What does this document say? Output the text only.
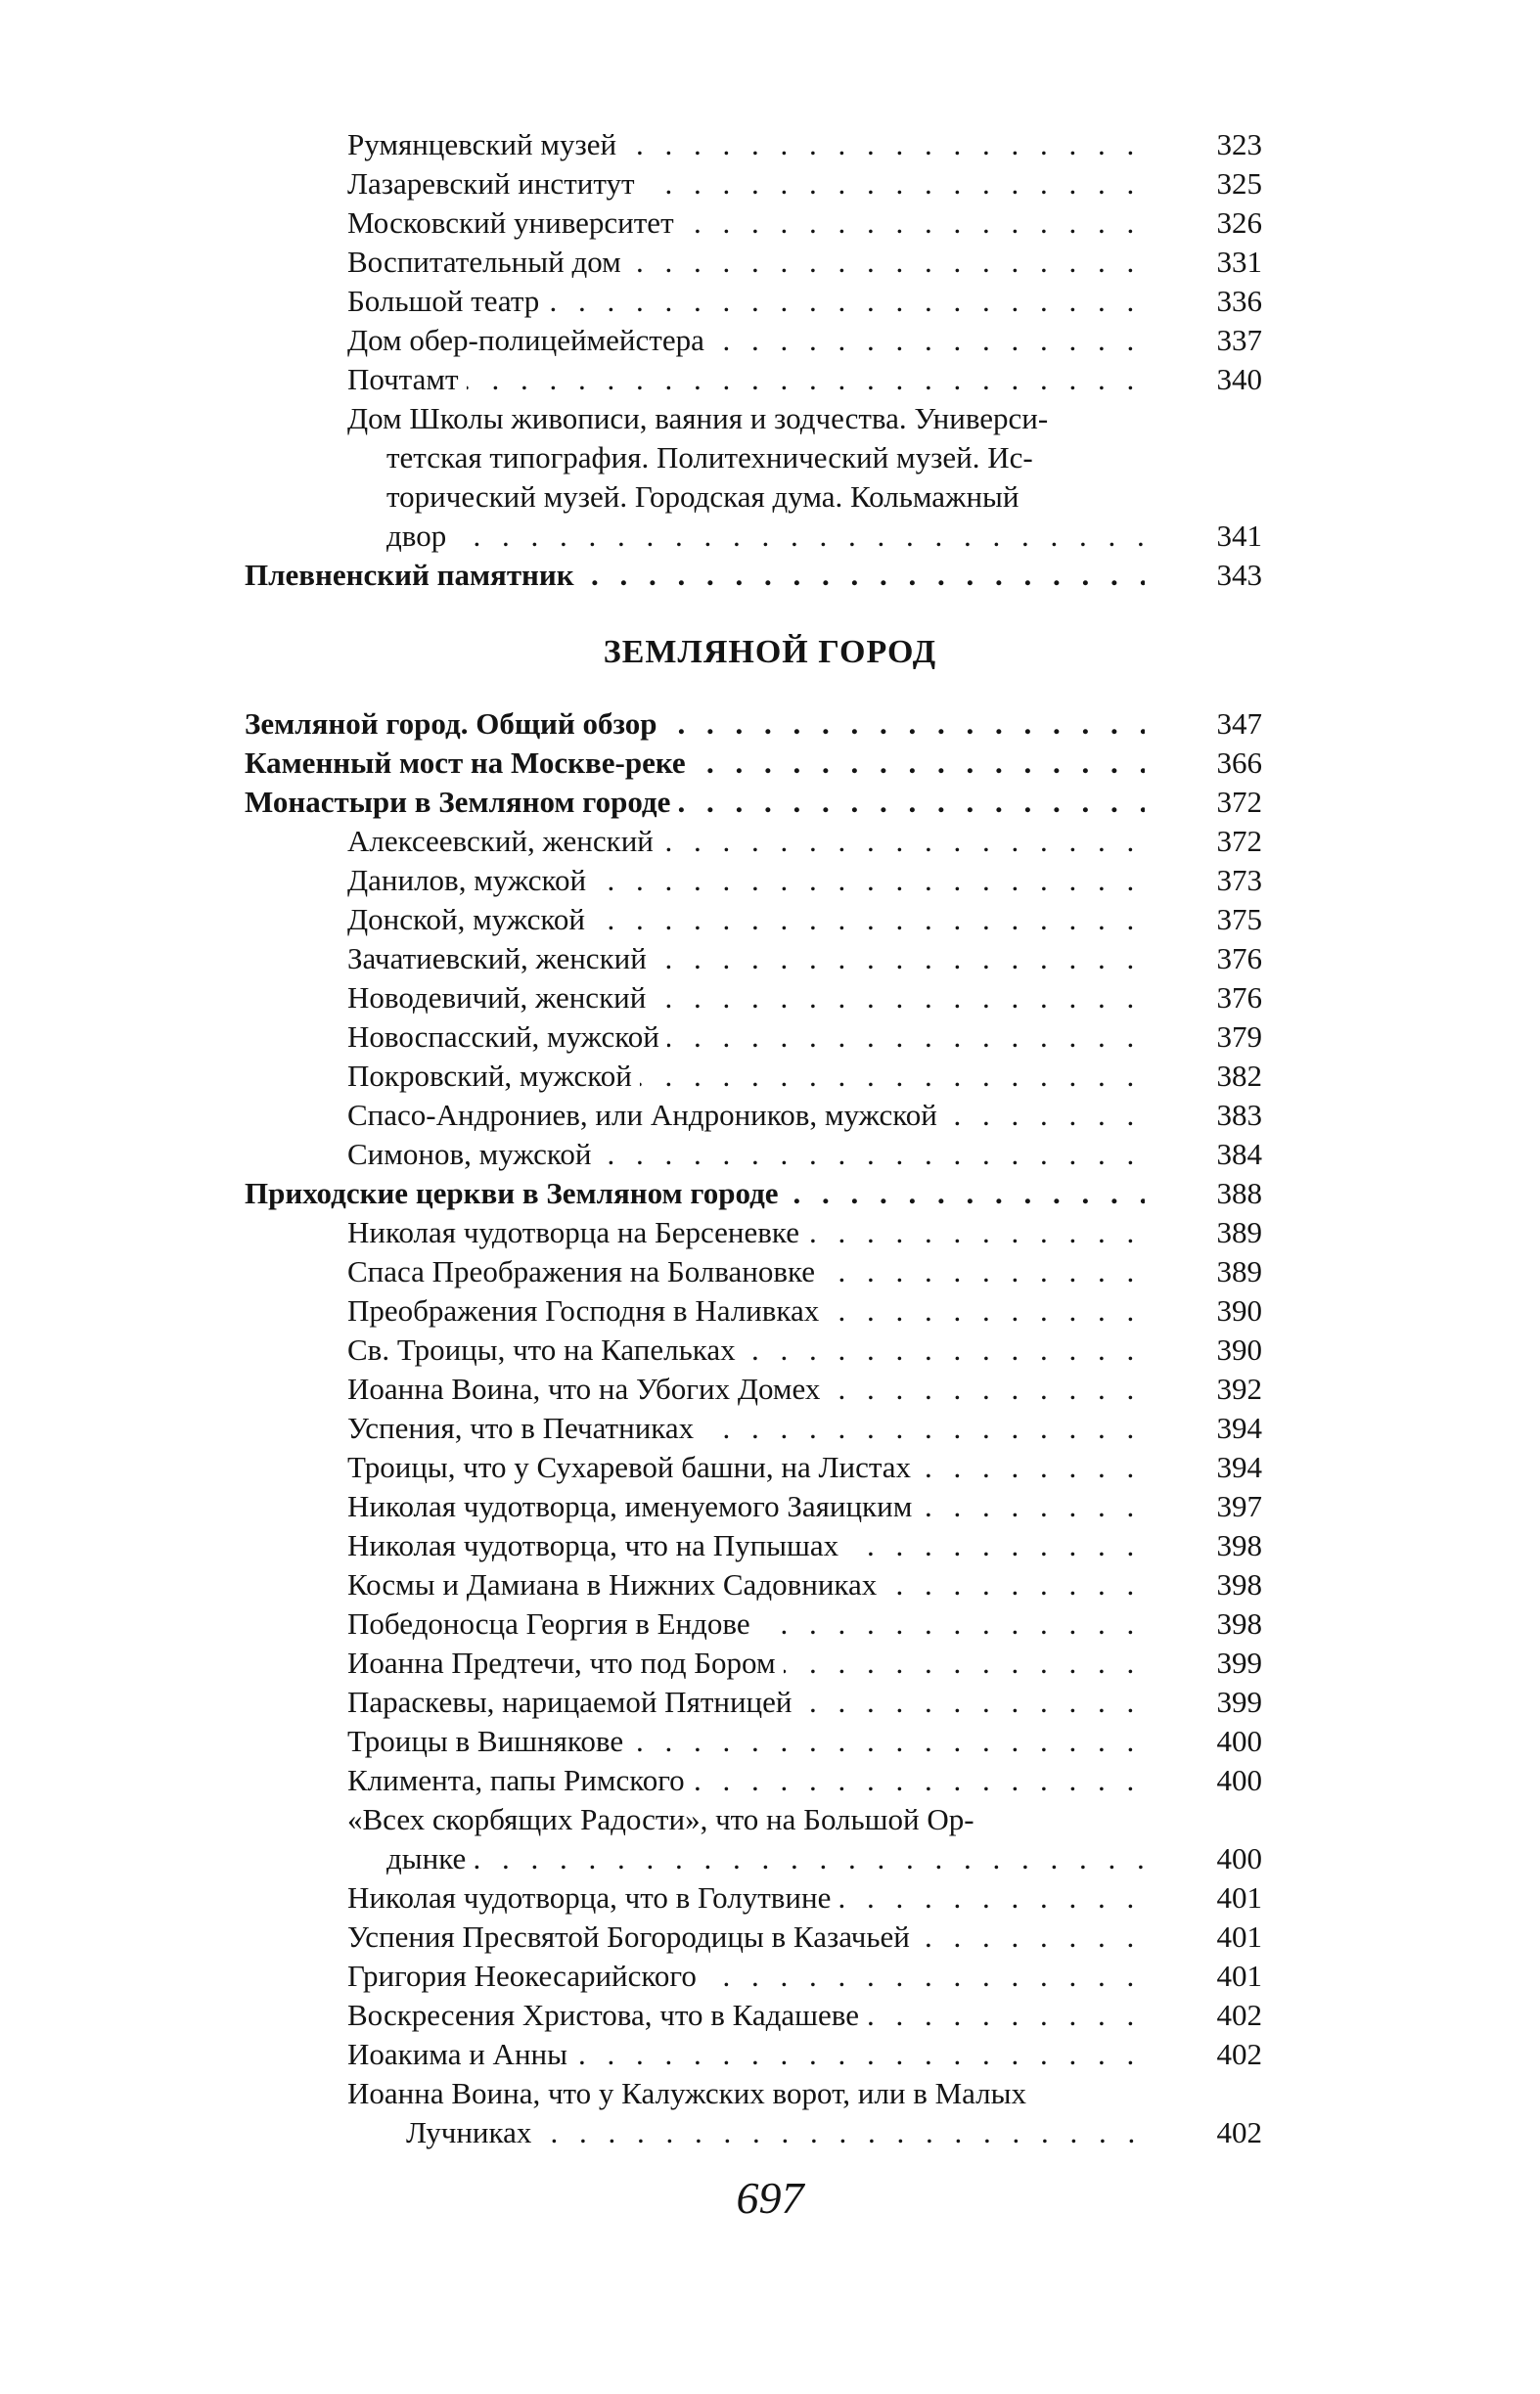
Румянцевский музей . . .	323
Лазаревский институт . . .	325
Московский университет . . .	326
Воспитательный дом . . .	331
Большой театр . . .	336
Дом обер-полицеймейстера . . .	337
Почтамт . . .	340
Дом Школы живописи, ваяния и зодчества. Универси-
тетская типография. Политехнический музей. Ис-
торический музей. Городская дума. Кольмажный
двор . . .	341
Плевненский памятник . . .	343
ЗЕМЛЯНОЙ ГОРОД
Земляной город. Общий обзор . . .	347
Каменный мост на Москве-реке . . .	366
Монастыри в Земляном городе . . .	372
Алексеевский, женский . . .	372
Данилов, мужской . . .	373
Донской, мужской . . .	375
Зачатиевский, женский . . .	376
Новодевичий, женский . . .	376
Новоспасский, мужской . . .	379
Покровский, мужской . . .	382
Спасо-Андрониев, или Андроников, мужской . . .	383
Симонов, мужской . . .	384
Приходские церкви в Земляном городе . . .	388
Николая чудотворца на Берсеневке . . .	389
Спаса Преображения на Болвановке . . .	389
Преображения Господня в Наливках . . .	390
Св. Троицы, что на Капельках . . .	390
Иоанна Воина, что на Убогих Домех . . .	392
Успения, что в Печатниках . . .	394
Троицы, что у Сухаревой башни, на Листах . . .	394
Николая чудотворца, именуемого Заяицким . . .	397
Николая чудотворца, что на Пупышах . . .	398
Космы и Дамиана в Нижних Садовниках . . .	398
Победоносца Георгия в Ендове . . .	398
Иоанна Предтечи, что под Бором . . .	399
Параскевы, нарицаемой Пятницей . . .	399
Троицы в Вишнякове . . .	400
Климента, папы Римского . . .	400
«Всех скорбящих Радости», что на Большой Ор-
дынке . . .	400
Николая чудотворца, что в Голутвине . . .	401
Успения Пресвятой Богородицы в Казачьей . . .	401
Григория Неокесарийского . . .	401
Воскресения Христова, что в Кадашеве . . .	402
Иоакима и Анны . . .	402
Иоанна Воина, что у Калужских ворот, или в Малых
Лучниках . . .	402
697
